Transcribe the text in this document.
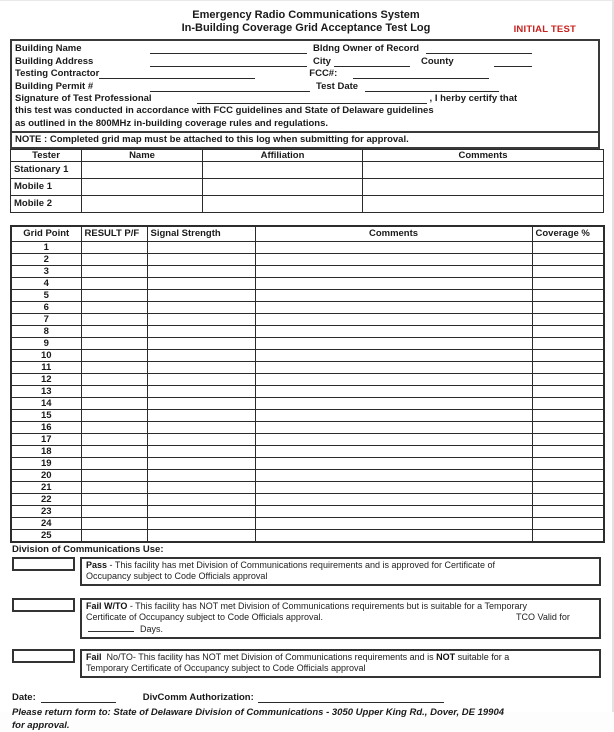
Emergency Radio Communications System
In-Building Coverage Grid Acceptance Test Log	INITIAL TEST
Building Name	Bldng Owner of Record
Building Address	City	County
Testing Contractor	FCC#:
Building Permit #	Test Date
Signature of Test Professional	, I herby certify that
this test was conducted in accordance with FCC guidelines and State of Delaware guidelines
as outlined in the 800MHz in-building coverage rules and regulations.
NOTE : Completed grid map must be attached to this log when submitting for approval.
Tester	Name	Affiliation	Comments
Stationary 1			
Mobile 1			
Mobile 2			
Grid Point	RESULT P/F	Signal Strength	Comments	Coverage %
1				
2				
3				
4				
5				
6				
7				
8				
9				
10				
11				
12				
13				
14				
15				
16				
17				
18				
19				
20				
21				
22				
23				
24				
25				
Division of Communications Use:
Pass - This facility has met Division of Communications requirements and is approved for Certificate of
Occupancy subject to Code Officials approval
Fail W/TO - This facility has NOT met Division of Communications requirements but is suitable for a Temporary
Certificate of Occupancy subject to Code Officials approval.	TCO Valid for
Days.
Fail No/TO- This facility has NOT met Division of Communications requirements and is NOT suitable for a
Temporary Certificate of Occupancy subject to Code Officials approval
Date:	DivComm Authorization:
Please return form to: State of Delaware Division of Communications - 3050 Upper King Rd., Dover, DE 19904
for approval.
